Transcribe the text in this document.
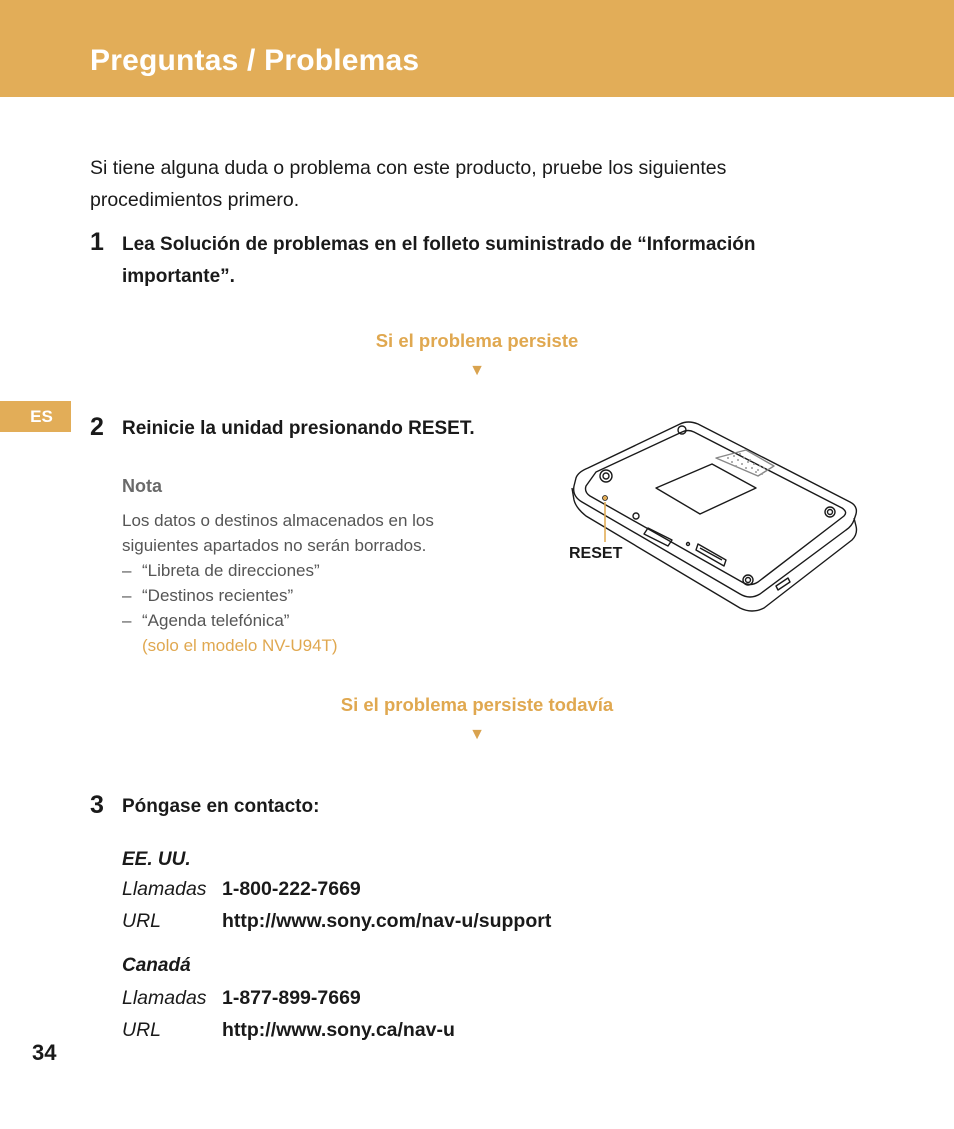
Preguntas / Problemas

Si tiene alguna duda o problema con este producto, pruebe los siguientes procedimientos primero.

1 Lea Solución de problemas en el folleto suministrado de “Información importante”.

Si el problema persiste
▼
ES	2 Reinicie la unidad presionando RESET.

Nota

Los datos o destinos almacenados en los siguientes apartados no serán borrados.

– “Libreta de direcciones”
– “Destinos recientes”
– “Agenda telefónica”
(solo el modelo NV-U94T)
RESET
Si el problema persiste todavía
▼
3 Póngase en contacto:

EE. UU.
Llamadas 1-800-222-7669
URL	http://www.sony.com/nav-u/support
Canadá
Llamadas 1-877-899-7669
URL	http://www.sony.ca/nav-u
34
